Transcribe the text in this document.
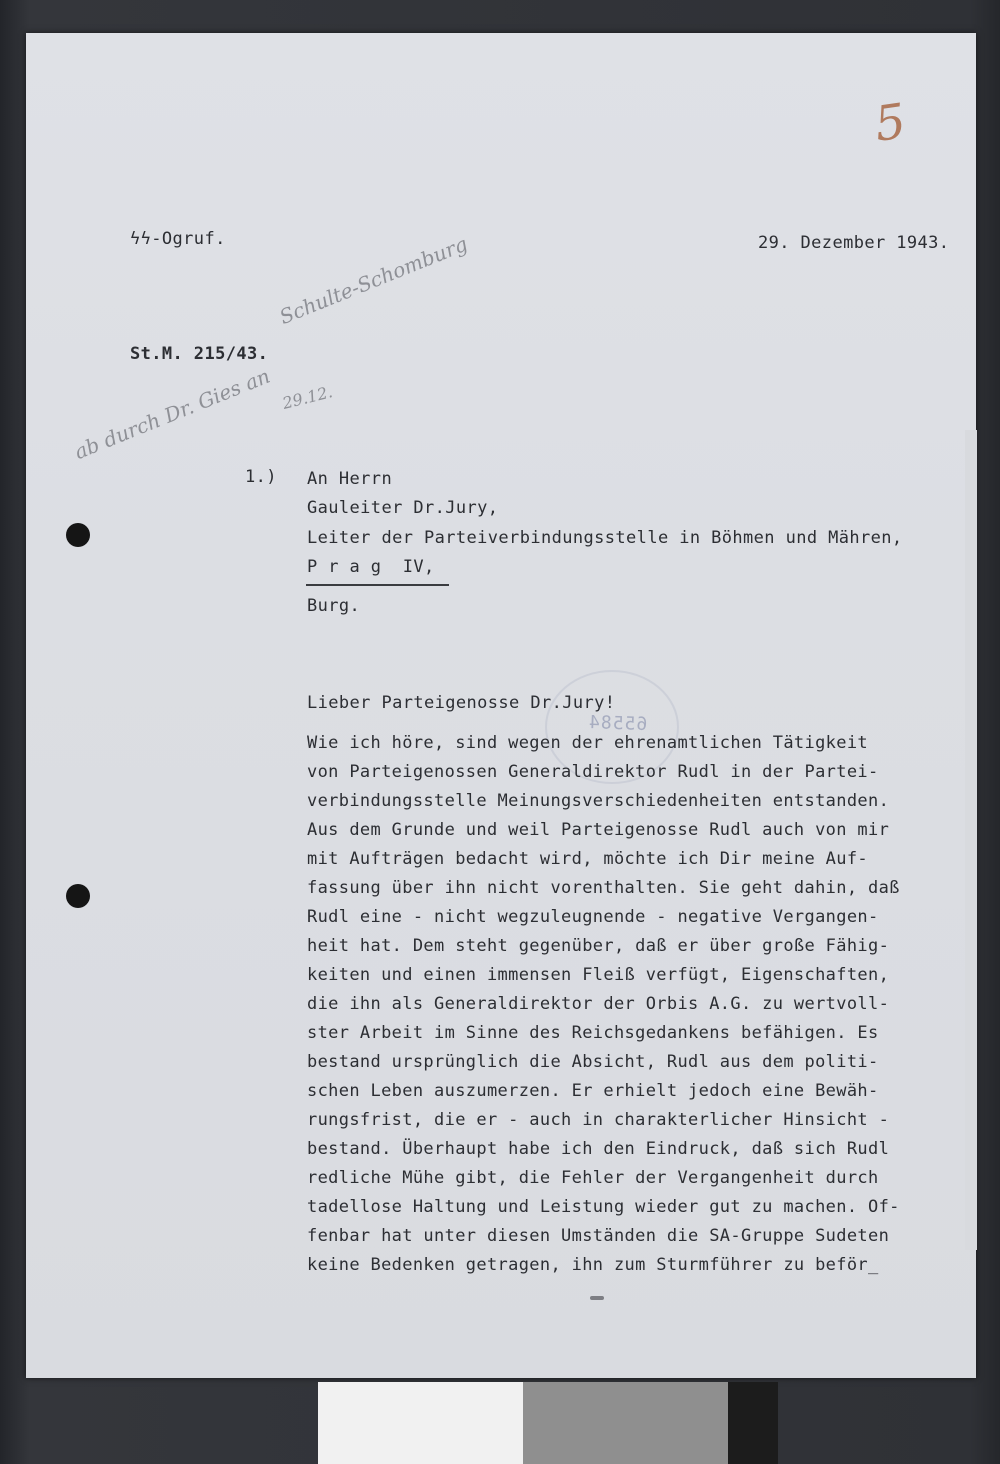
5
ϟϟ-Ogruf.	29. Dezember 1943.
St.M. 215/43.
Schulte-Schomburg
ab durch Dr. Gies an 29.12.
1.) An Herrn
Gauleiter Dr.Jury,
Leiter der Parteiverbindungsstelle in Böhmen und Mähren,
P r a g  IV,
Burg.
65584
Lieber Parteigenosse Dr.Jury!
Wie ich höre, sind wegen der ehrenamtlichen Tätigkeit
von Parteigenossen Generaldirektor Rudl in der Partei-
verbindungsstelle Meinungsverschiedenheiten entstanden.
Aus dem Grunde und weil Parteigenosse Rudl auch von mir
mit Aufträgen bedacht wird, möchte ich Dir meine Auf-
fassung über ihn nicht vorenthalten. Sie geht dahin, daß
Rudl eine - nicht wegzuleugnende - negative Vergangen-
heit hat. Dem steht gegenüber, daß er über große Fähig-
keiten und einen immensen Fleiß verfügt, Eigenschaften,
die ihn als Generaldirektor der Orbis A.G. zu wertvoll-
ster Arbeit im Sinne des Reichsgedankens befähigen. Es
bestand ursprünglich die Absicht, Rudl aus dem politi-
schen Leben auszumerzen. Er erhielt jedoch eine Bewäh-
rungsfrist, die er - auch in charakterlicher Hinsicht -
bestand. Überhaupt habe ich den Eindruck, daß sich Rudl
redliche Mühe gibt, die Fehler der Vergangenheit durch
tadellose Haltung und Leistung wieder gut zu machen. Of-
fenbar hat unter diesen Umständen die SA-Gruppe Sudeten
keine Bedenken getragen, ihn zum Sturmführer zu beför_
